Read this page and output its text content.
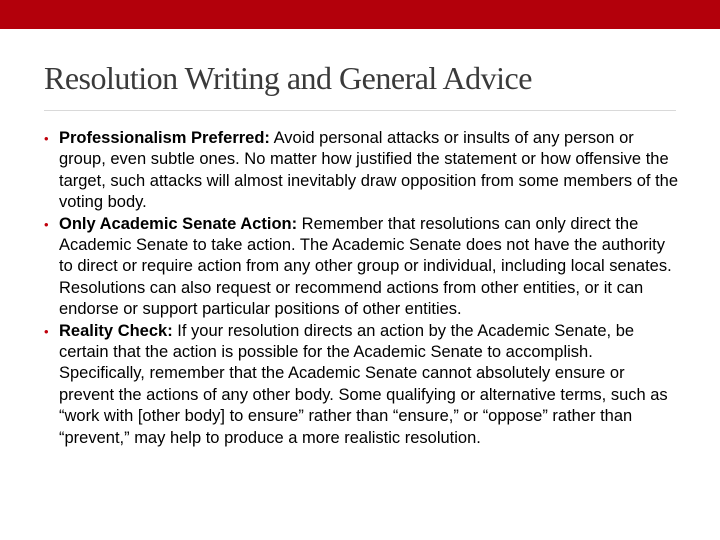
Resolution Writing and General Advice
• Professionalism Preferred: Avoid personal attacks or insults of any person or group, even subtle ones. No matter how justified the statement or how offensive the target, such attacks will almost inevitably draw opposition from some members of the voting body.
• Only Academic Senate Action: Remember that resolutions can only direct the Academic Senate to take action. The Academic Senate does not have the authority to direct or require action from any other group or individual, including local senates. Resolutions can also request or recommend actions from other entities, or it can endorse or support particular positions of other entities.
• Reality Check: If your resolution directs an action by the Academic Senate, be certain that the action is possible for the Academic Senate to accomplish. Specifically, remember that the Academic Senate cannot absolutely ensure or prevent the actions of any other body. Some qualifying or alternative terms, such as “work with [other body] to ensure” rather than “ensure,” or “oppose” rather than “prevent,” may help to produce a more realistic resolution.
